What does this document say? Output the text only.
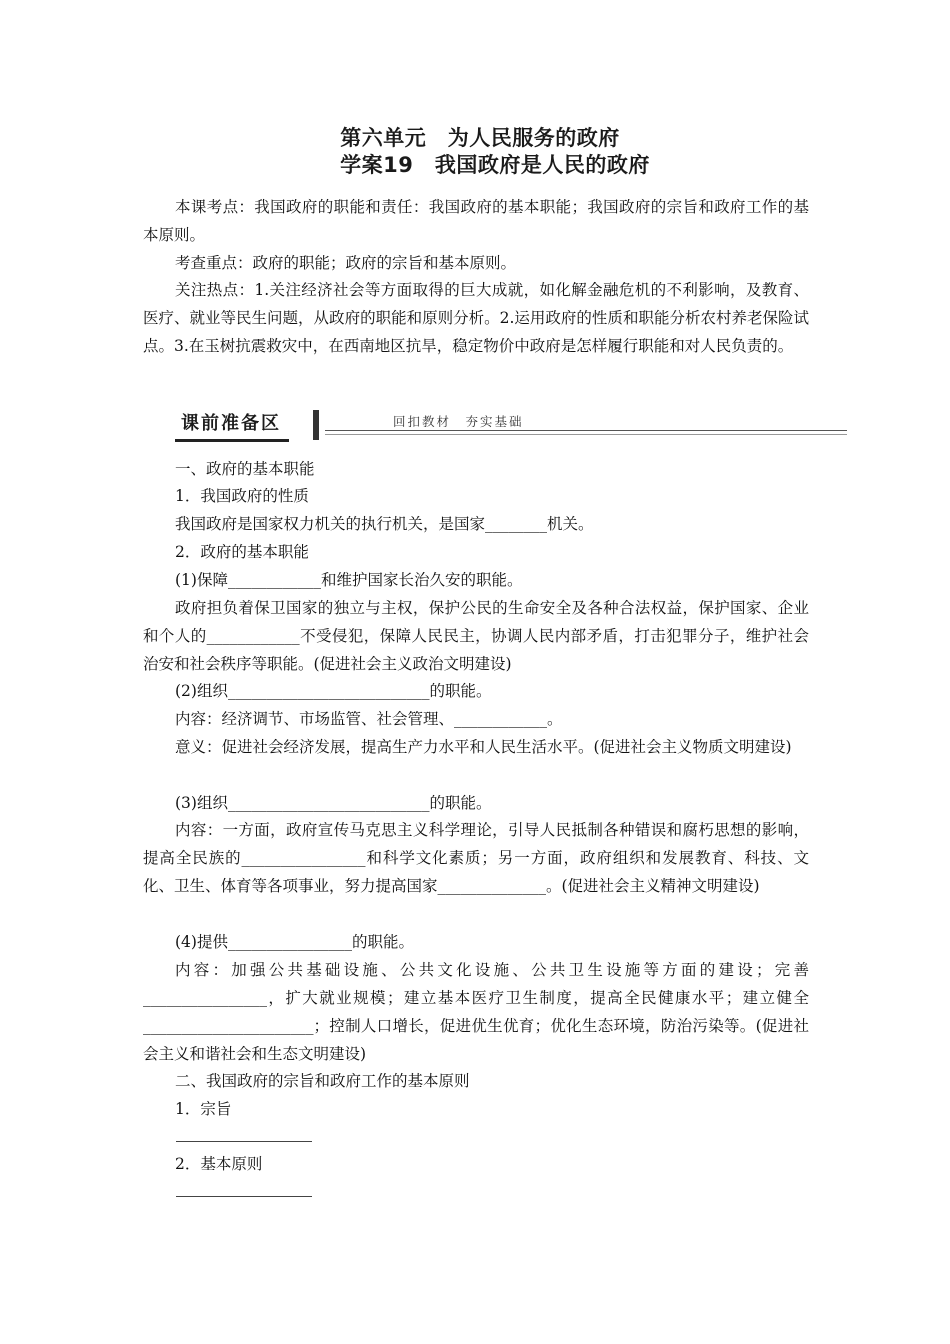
第六单元　为人民服务的政府
学案19　我国政府是人民的政府
本课考点：我国政府的职能和责任：我国政府的基本职能；我国政府的宗旨和政府工作的基本原则。
考查重点：政府的职能；政府的宗旨和基本原则。
关注热点：1.关注经济社会等方面取得的巨大成就，如化解金融危机的不利影响，及教育、医疗、就业等民生问题，从政府的职能和原则分析。2.运用政府的性质和职能分析农村养老保险试点。3.在玉树抗震救灾中，在西南地区抗旱，稳定物价中政府是怎样履行职能和对人民负责的。
课前准备区	回扣教材　夯实基础
一、政府的基本职能
1．我国政府的性质
我国政府是国家权力机关的执行机关，是国家________机关。
2．政府的基本职能
(1)保障____________和维护国家长治久安的职能。
政府担负着保卫国家的独立与主权，保护公民的生命安全及各种合法权益，保护国家、企业和个人的____________不受侵犯，保障人民民主，协调人民内部矛盾，打击犯罪分子，维护社会治安和社会秩序等职能。(促进社会主义政治文明建设)
(2)组织__________________________的职能。
内容：经济调节、市场监管、社会管理、____________。
意义：促进社会经济发展，提高生产力水平和人民生活水平。(促进社会主义物质文明建设)
(3)组织__________________________的职能。
内容：一方面，政府宣传马克思主义科学理论，引导人民抵制各种错误和腐朽思想的影响，提高全民族的________________和科学文化素质；另一方面，政府组织和发展教育、科技、文化、卫生、体育等各项事业，努力提高国家______________。(促进社会主义精神文明建设)
(4)提供________________的职能。
内容：加强公共基础设施、公共文化设施、公共卫生设施等方面的建设；完善________________，扩大就业规模；建立基本医疗卫生制度，提高全民健康水平；建立健全______________________；控制人口增长，促进优生优育；优化生态环境，防治污染等。(促进社会主义和谐社会和生态文明建设)
二、我国政府的宗旨和政府工作的基本原则
1．宗旨
2．基本原则
